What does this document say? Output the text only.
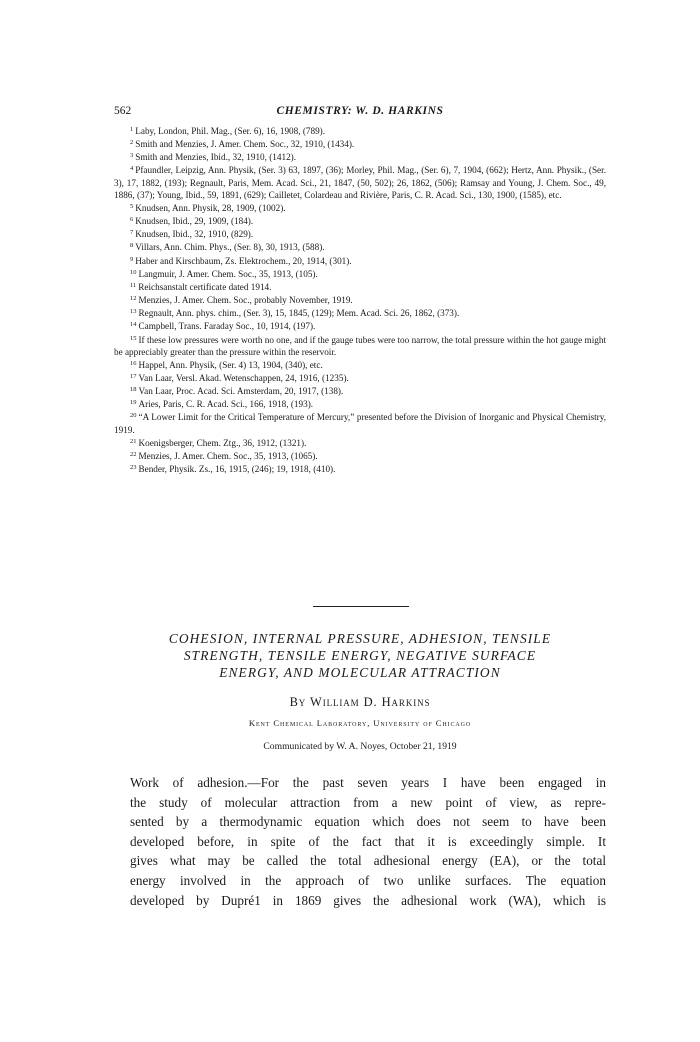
562	CHEMISTRY: W. D. HARKINS

$^1$ Laby, London, Phil. Mag., (Ser. 6), 16, 1908, (789).

$^2$ Smith and Menzies, J. Amer. Chem. Soc., 32, 1910, (1434).

$^3$ Smith and Menzies, Ibid., 32, 1910, (1412).

$^4$ Pfaundler, Leipzig, Ann. Physik, (Ser. 3) 63, 1897, (36); Morley, Phil. Mag., (Ser. 6), 7, 1904, (662); Hertz, Ann. Physik., (Ser. 3), 17, 1882, (193); Regnault, Paris, Mem. Acad. Sci., 21, 1847, (50, 502); 26, 1862, (506); Ramsay and Young, J. Chem. Soc., 49, 1886, (37); Young, Ibid., 59, 1891, (629); Cailletet, Colardeau and Rivière, Paris, C. R. Acad. Sci., 130, 1900, (1585), etc.

$^5$ Knudsen, Ann. Physik, 28, 1909, (1002).

$^6$ Knudsen, Ibid., 29, 1909, (184).

$^7$ Knudsen, Ibid., 32, 1910, (829).

$^8$ Villars, Ann. Chim. Phys., (Ser. 8), 30, 1913, (588).

$^9$ Haber and Kirschbaum, Zs. Elektrochem., 20, 1914, (301).

$^{10}$ Langmuir, J. Amer. Chem. Soc., 35, 1913, (105).

$^{11}$ Reichsanstalt certificate dated 1914.

$^{12}$ Menzies, J. Amer. Chem. Soc., probably November, 1919.

$^{13}$ Regnault, Ann. phys. chim., (Ser. 3), 15, 1845, (129); Mem. Acad. Sci. 26, 1862, (373).

$^{14}$ Campbell, Trans. Faraday Soc., 10, 1914, (197).

$^{15}$ If these low pressures were worth no one, and if the gauge tubes were too narrow, the total pressure within the hot gauge might be appreciably greater than the pressure within the reservoir.

$^{16}$ Happel, Ann. Physik, (Ser. 4) 13, 1904, (340), etc.

$^{17}$ Van Laar, Versl. Akad. Wetenschappen, 24, 1916, (1235).

$^{18}$ Van Laar, Proc. Acad. Sci. Amsterdam, 20, 1917, (138).

$^{19}$ Aries, Paris, C. R. Acad. Sci., 166, 1918, (193).

$^{20}$ “A Lower Limit for the Critical Temperature of Mercury,” presented before the Division of Inorganic and Physical Chemistry, 1919.

$^{21}$ Koenigsberger, Chem. Ztg., 36, 1912, (1321).

$^{22}$ Menzies, J. Amer. Chem. Soc., 35, 1913, (1065).

$^{23}$ Bender, Physik. Zs., 16, 1915, (246); 19, 1918, (410).

COHESION, INTERNAL PRESSURE, ADHESION, TENSILE
STRENGTH, TENSILE ENERGY, NEGATIVE SURFACE
ENERGY, AND MOLECULAR ATTRACTION
By William D. Harkins
Kent Chemical Laboratory, University of Chicago
Communicated by W. A. Noyes, October 21, 1919
Work of adhesion.—For the past seven years I have been engaged in
the study of molecular attraction from a new point of view, as repre-
sented by a thermodynamic equation which does not seem to have been
developed before, in spite of the fact that it is exceedingly simple. It
gives what may be called the total adhesional energy (EA), or the total
energy involved in the approach of two unlike surfaces. The equation
developed by Dupré1 in 1869 gives the adhesional work (WA), which is
